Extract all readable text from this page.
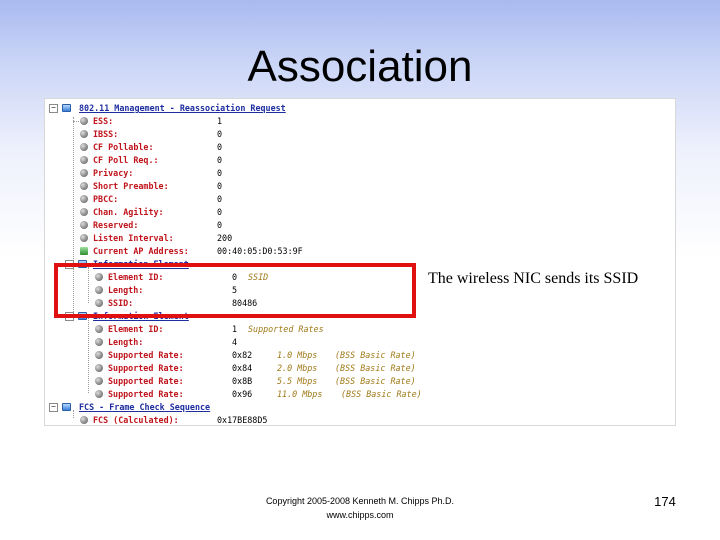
Association
−	802.11 Management - Reassociation Request
ESS:	1
IBSS:	0
CF Pollable:	0
CF Poll Req.:	0
Privacy:	0
Short Preamble:	0
PBCC:	0
Chan. Agility:	0
Reserved:	0
Listen Interval:	200
Current AP Address:	00:40:05:D0:53:9F
−	Information Element
Element ID:	0 SSID
Length:	5
SSID:	80486
−	Information Element
Element ID:	1 Supported Rates
Length:	4
Supported Rate:	0x82	1.0 Mbps (BSS Basic Rate)
Supported Rate:	0x84	2.0 Mbps (BSS Basic Rate)
Supported Rate:	0x8B	5.5 Mbps (BSS Basic Rate)
Supported Rate:	0x96	11.0 Mbps (BSS Basic Rate)
−	FCS - Frame Check Sequence
FCS (Calculated):	0x17BE88D5
The wireless NIC sends its SSID
Copyright 2005-2008 Kenneth M. Chipps Ph.D.
www.chipps.com
174
